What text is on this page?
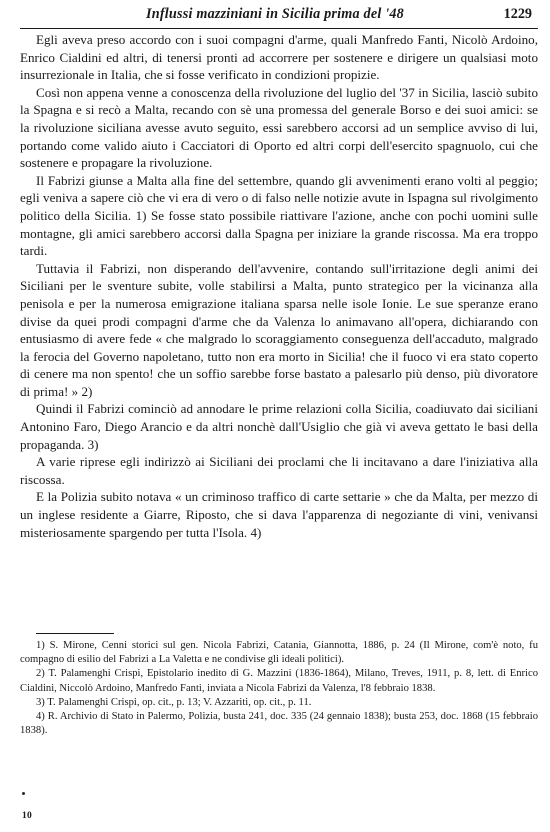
Influssi mazziniani in Sicilia prima del '48	1229

Egli aveva preso accordo con i suoi compagni d'arme, quali Manfredo Fanti, Nicolò Ardoino, Enrico Cialdini ed altri, di tenersi pronti ad accorrere per sostenere e dirigere un qualsiasi moto insurrezionale in Italia, che si fosse verificato in condizioni propizie.

Così non appena venne a conoscenza della rivoluzione del luglio del '37 in Sicilia, lasciò subito la Spagna e si recò a Malta, recando con sè una promessa del generale Borso e dei suoi amici: se la rivoluzione siciliana avesse avuto seguito, essi sarebbero accorsi ad un semplice avviso di lui, portando come valido aiuto i Cacciatori di Oporto ed altri corpi dell'esercito spagnuolo, cui che sostenere e propagare la rivoluzione.

Il Fabrizi giunse a Malta alla fine del settembre, quando gli avvenimenti erano volti al peggio; egli veniva a sapere ciò che vi era di vero o di falso nelle notizie avute in Ispagna sul rivolgimento politico della Sicilia. 1) Se fosse stato possibile riattivare l'azione, anche con pochi uomini sulle montagne, gli amici sarebbero accorsi dalla Spagna per iniziare la grande riscossa. Ma era troppo tardi.

Tuttavia il Fabrizi, non disperando dell'avvenire, contando sull'irritazione degli animi dei Siciliani per le sventure subite, volle stabilirsi a Malta, punto strategico per la vicinanza alla penisola e per la numerosa emigrazione italiana sparsa nelle isole Ionie. Le sue speranze erano divise da quei prodi compagni d'arme che da Valenza lo animavano all'opera, dichiarando con entusiasmo di avere fede « che malgrado lo scoraggiamento conseguenza dell'accaduto, malgrado la ferocia del Governo napoletano, tutto non era morto in Sicilia! che il fuoco vi era stato coperto di cenere ma non spento! che un soffio sarebbe forse bastato a palesarlo più denso, più divoratore di prima! » 2)

Quindi il Fabrizi cominciò ad annodare le prime relazioni colla Sicilia, coadiuvato dai siciliani Antonino Faro, Diego Arancio e da altri nonchè dall'Usiglio che già vi aveva gettato le basi della propaganda. 3)

A varie riprese egli indirizzò ai Siciliani dei proclami che li incitavano a dare l'iniziativa alla riscossa.

E la Polizia subito notava « un criminoso traffico di carte settarie » che da Malta, per mezzo di un inglese residente a Giarre, Riposto, che si dava l'apparenza di negoziante di vini, venivansi misteriosamente spargendo per tutta l'Isola. 4)

1) S. Mirone, Cenni storici sul gen. Nicola Fabrizi, Catania, Giannotta, 1886, p. 24 (Il Mirone, com'è noto, fu compagno di esilio del Fabrizi a La Valetta e ne condivise gli ideali politici).

2) T. Palamenghi Crispi, Epistolario inedito di G. Mazzini (1836-1864), Milano, Treves, 1911, p. 8, lett. di Enrico Cialdini, Niccolò Ardoino, Manfredo Fanti, inviata a Nicola Fabrizi da Valenza, l'8 febbraio 1838.

3) T. Palamenghi Crispi, op. cit., p. 13; V. Azzariti, op. cit., p. 11.

4) R. Archivio di Stato in Palermo, Polizia, busta 241, doc. 335 (24 gennaio 1838); busta 253, doc. 1868 (15 febbraio 1838).

10
